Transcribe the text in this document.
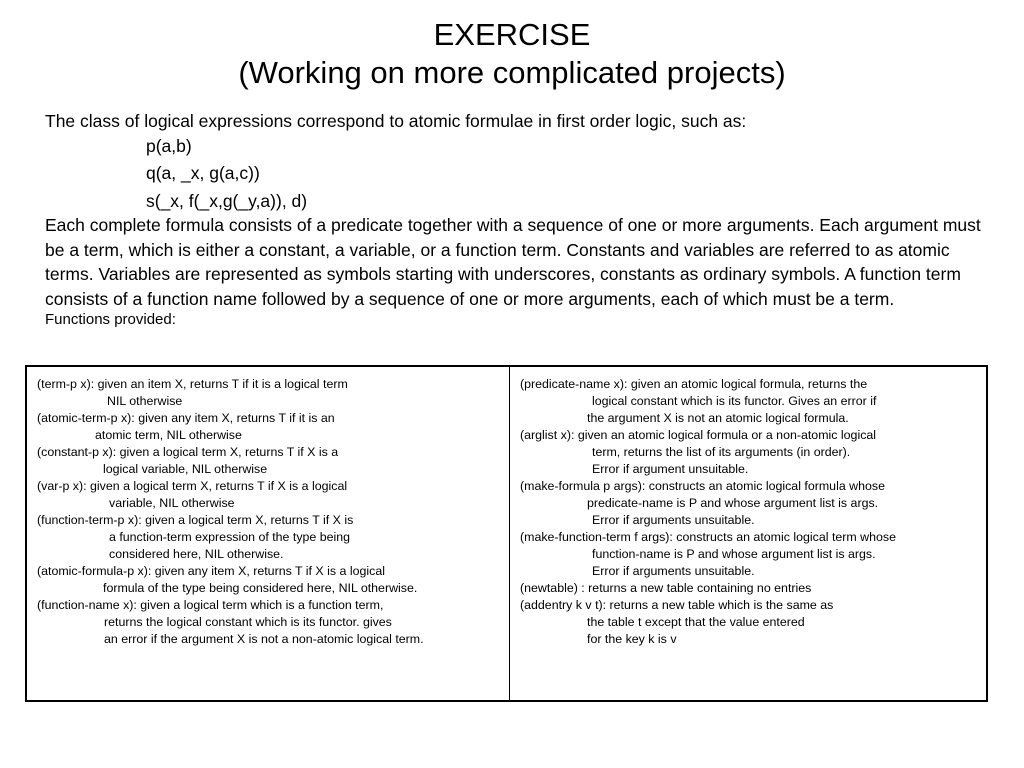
EXERCISE
(Working on more complicated projects)
The class of logical expressions correspond to atomic formulae in first order logic, such as:
p(a,b)
q(a, _x, g(a,c))
s(_x, f(_x,g(_y,a)), d)
Each complete formula consists of a predicate together with a sequence of one or more arguments. Each argument must be a term, which is either a constant, a variable, or a function term. Constants and variables are referred to as atomic terms. Variables are represented as symbols starting with underscores, constants as ordinary symbols. A function term consists of a function name followed by a sequence of one or more arguments, each of which must be a term.
Functions provided:
(term-p x): given an item X, returns T if it is a logical term
NIL otherwise
(atomic-term-p x): given any item X, returns T if it is an
atomic term, NIL otherwise
(constant-p x): given a logical term X, returns T if X is a
logical variable, NIL otherwise
(var-p x): given a logical term X, returns T if X is a logical
variable, NIL otherwise
(function-term-p x): given a logical term X, returns T if X is
a function-term expression of the type being
considered here, NIL otherwise.
(atomic-formula-p x): given any item X, returns T if X is a logical
formula of the type being considered here, NIL otherwise.
(function-name x): given a logical term which is a function term,
returns the logical constant which is its functor. gives
an error if the argument X is not a non-atomic logical term.
(predicate-name x): given an atomic logical formula, returns the
logical constant which is its functor. Gives an error if
the argument X is not an atomic logical formula.
(arglist x): given an atomic logical formula or a non-atomic logical
term, returns the list of its arguments (in order).
Error if argument unsuitable.
(make-formula p args): constructs an atomic logical formula whose
predicate-name is P and whose argument list is args.
Error if arguments unsuitable.
(make-function-term f args): constructs an atomic logical term whose
function-name is P and whose argument list is args.
Error if arguments unsuitable.
(newtable) : returns a new table containing no entries
(addentry k v t): returns a new table which is the same as
the table t except that the value entered
for the key k is v
